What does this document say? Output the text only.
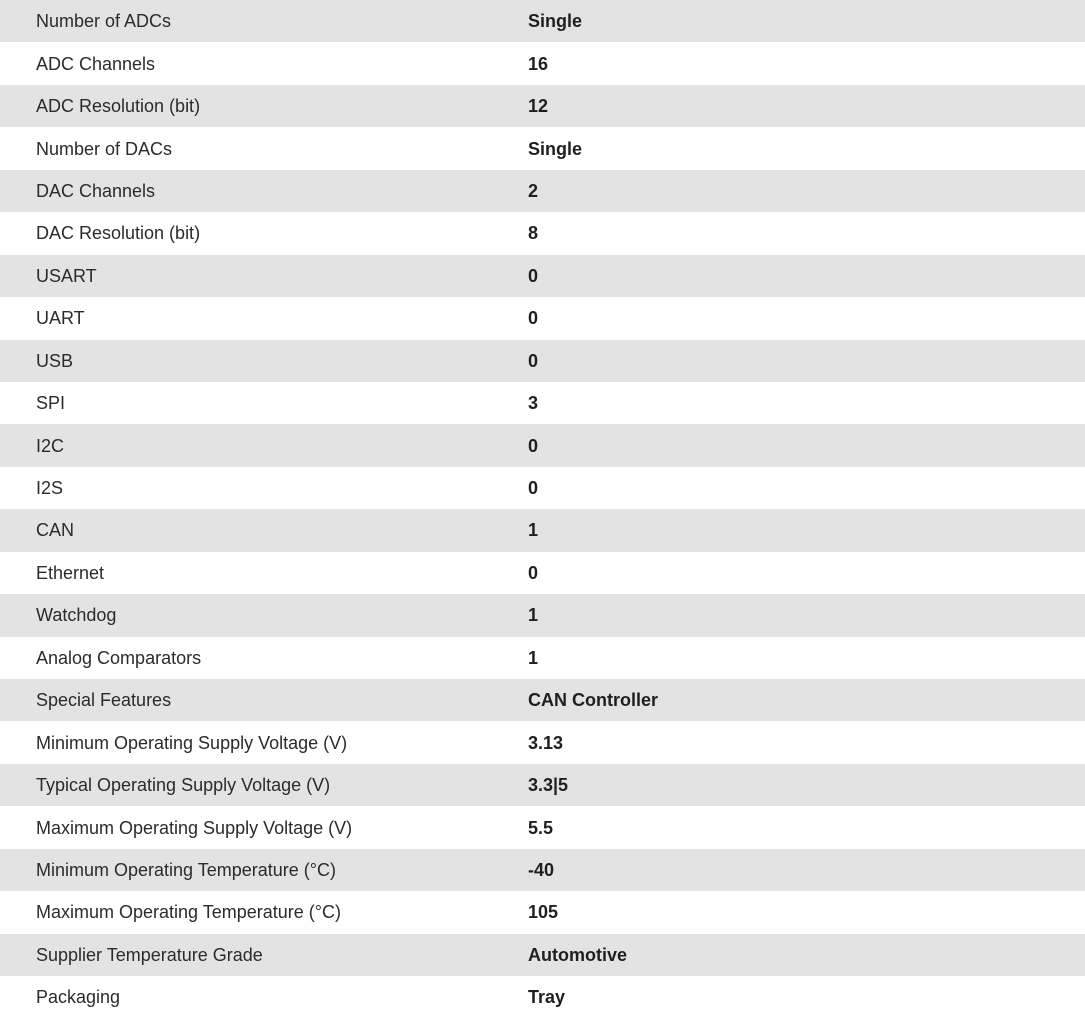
Number of ADCs	Single
ADC Channels	16
ADC Resolution (bit)	12
Number of DACs	Single
DAC Channels	2
DAC Resolution (bit)	8
USART	0
UART	0
USB	0
SPI	3
I2C	0
I2S	0
CAN	1
Ethernet	0
Watchdog	1
Analog Comparators	1
Special Features	CAN Controller
Minimum Operating Supply Voltage (V)	3.13
Typical Operating Supply Voltage (V)	3.3|5
Maximum Operating Supply Voltage (V)	5.5
Minimum Operating Temperature (°C)	-40
Maximum Operating Temperature (°C)	105
Supplier Temperature Grade	Automotive
Packaging	Tray
